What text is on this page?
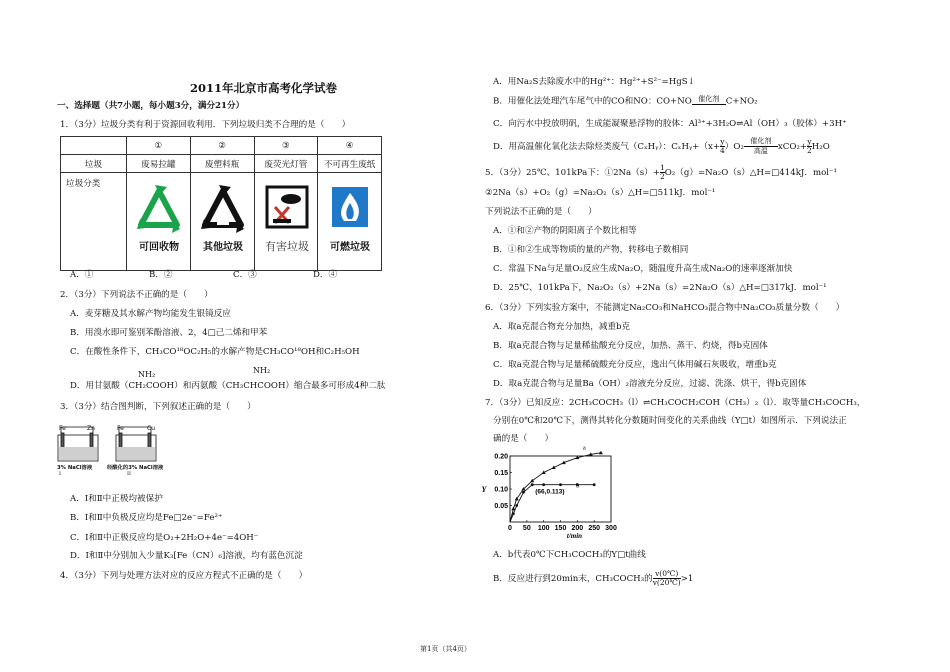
2011年北京市高考化学试卷
一、选择题（共7小题，每小题3分，满分21分）
1．（3分）垃圾分类有利于资源回收利用．下列垃圾归类不合理的是（　　）
	①	②	③	④
垃圾	废易拉罐	废塑料瓶	废荧光灯管	不可再生废纸

垃圾分类	可回收物	其他垃圾	有害垃圾	可燃垃圾
A．①	B．②	C．③	D．④
2．（3分）下列说法不正确的是（　　）
A．麦芽糖及其水解产物均能发生银镜反应
B．用溴水即可鉴别苯酚溶液、2，4□己二烯和甲苯
C．在酸性条件下，CH₃CO¹⁸OC₂H₅的水解产物是CH₃CO¹⁸OH和C₂H₅OH
NH₂	NH₂
D．用甘氨酸（CH₂COOH）和丙氨酸（CH₃CHCOOH）缩合最多可形成4种二肽
3．（3分）结合图判断，下列叙述正确的是（　　）
Fe	Zn	Fe	Cu
3% NaCl溶液	经酸化的3% NaCl溶液
I	II
A．Ⅰ和Ⅱ中正极均被保护
B．Ⅰ和Ⅱ中负极反应均是Fe□2e⁻=Fe²⁺
C．Ⅰ和Ⅱ中正极反应均是O₂+2H₂O+4e⁻=4OH⁻
D．Ⅰ和Ⅱ中分别加入少量K₃[Fe（CN）₆]溶液，均有蓝色沉淀
4．（3分）下列与处理方法对应的反应方程式不正确的是（　　）
A．用Na₂S去除废水中的Hg²⁺：Hg²⁺+S²⁻=HgS↓
B．用催化法处理汽车尾气中的CO和NO：CO+NO 催化剂 C+NO₂
C．向污水中投放明矾，生成能凝聚悬浮物的胶体：Al³⁺+3H₂O⇌Al（OH）₃（胶体）+3H⁺
D．用高温催化氧化法去除烃类废气（CₓHᵧ）：CₓHᵧ+（x+ $\frac{y}{4} )O_2$催化剂
高温 $xCO_2+ \frac{y}{2} H_2O$
5．（3分）25℃、101kPa下：①2Na（s）+ $\frac{1}{2}$ O₂（g）=Na₂O（s）△H=□414kJ．mol⁻¹
②2Na（s）+O₂（g）=Na₂O₂（s）△H=□511kJ．mol⁻¹
下列说法不正确的是（　　）
A．①和②产物的阴阳离子个数比相等
B．①和②生成等物质的量的产物，转移电子数相同
C．常温下Na与足量O₂反应生成Na₂O，随温度升高生成Na₂O的速率逐渐加快
D．25℃、101kPa下，Na₂O₂（s）+2Na（s）=2Na₂O（s）△H=□317kJ．mol⁻¹
6．（3分）下列实验方案中，不能测定Na₂CO₃和NaHCO₃混合物中Na₂CO₃质量分数（　　）
A．取a克混合物充分加热，减重b克
B．取a克混合物与足量稀盐酸充分反应，加热、蒸干、灼烧，得b克固体
C．取a克混合物与足量稀硫酸充分反应，逸出气体用碱石灰吸收，增重b克
D．取a克混合物与足量Ba（OH）₂溶液充分反应，过滤、洗涤、烘干，得b克固体
7．（3分）已知反应：2CH₃COCH₃（l）⇌CH₃COCH₂COH（CH₃）₂（l）．取等量CH₃COCH₃，
分别在0℃和20℃下，测得其转化分数随时间变化的关系曲线（Y□t）如图所示．下列说法正
确的是（　　）
0.05
0.10
0.15
0.20
0 50 100 150 200 250 300
t/min
Y
a
b
(66,0.113)
A．b代表0℃下CH₃COCH₃的Y□t曲线
B．反应进行到20min末，CH₃COCH₃的 $\frac{v(0℃)}{v(20℃)} >1$
第1页（共4页）
